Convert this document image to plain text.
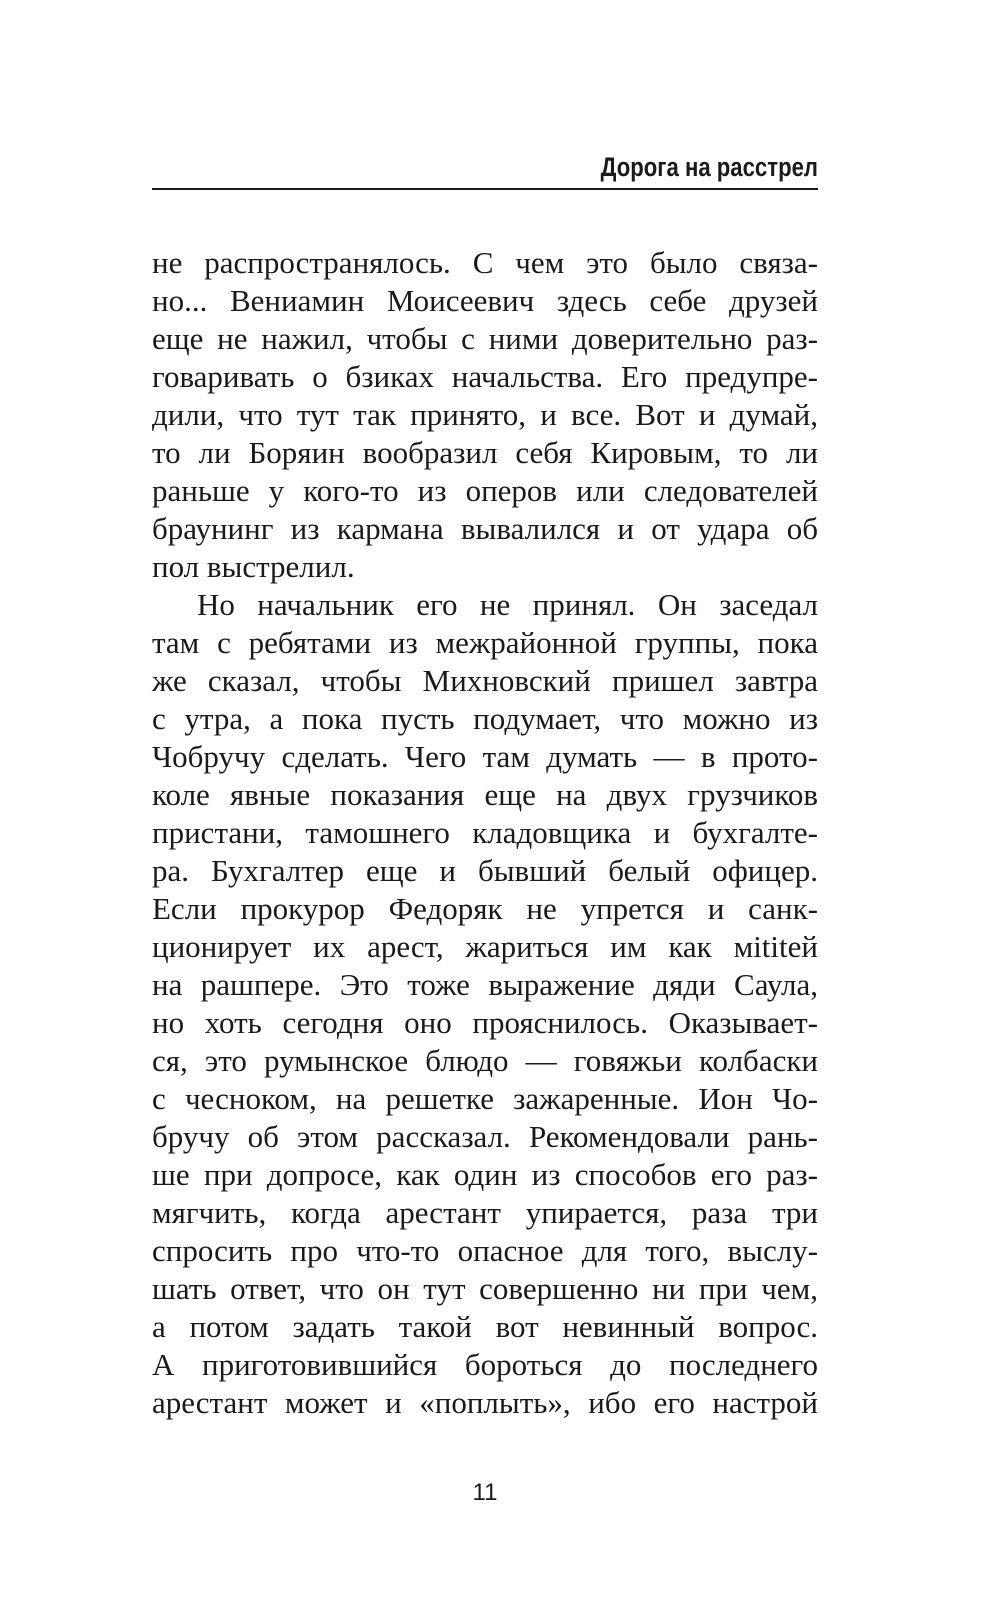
Дорога на расстрел
не распространялось. С чем это было связа-
но... Вениамин Моисеевич здесь себе друзей
еще не нажил, чтобы с ними доверительно раз-
говаривать о бзиках начальства. Его предупре-
дили, что тут так принято, и все. Вот и думай,
то ли Боряин вообразил себя Кировым, то ли
раньше у кого-то из оперов или следователей
браунинг из кармана вывалился и от удара об
пол выстрелил.
Но начальник его не принял. Он заседал
там с ребятами из межрайонной группы, пока
же сказал, чтобы Михновский пришел завтра
с утра, а пока пусть подумает, что можно из
Чобручу сделать. Чего там думать — в прото-
коле явные показания еще на двух грузчиков
пристани, тамошнего кладовщика и бухгалте-
ра. Бухгалтер еще и бывший белый офицер.
Если прокурор Федоряк не упрется и санк-
ционирует их арест, жариться им как мititей
на рашпере. Это тоже выражение дяди Саула,
но хоть сегодня оно прояснилось. Оказывает-
ся, это румынское блюдо — говяжьи колбаски
с чесноком, на решетке зажаренные. Ион Чо-
бручу об этом рассказал. Рекомендовали рань-
ше при допросе, как один из способов его раз-
мягчить, когда арестант упирается, раза три
спросить про что-то опасное для того, выслу-
шать ответ, что он тут совершенно ни при чем,
а потом задать такой вот невинный вопрос.
А приготовившийся бороться до последнего
арестант может и «поплыть», ибо его настрой
11
